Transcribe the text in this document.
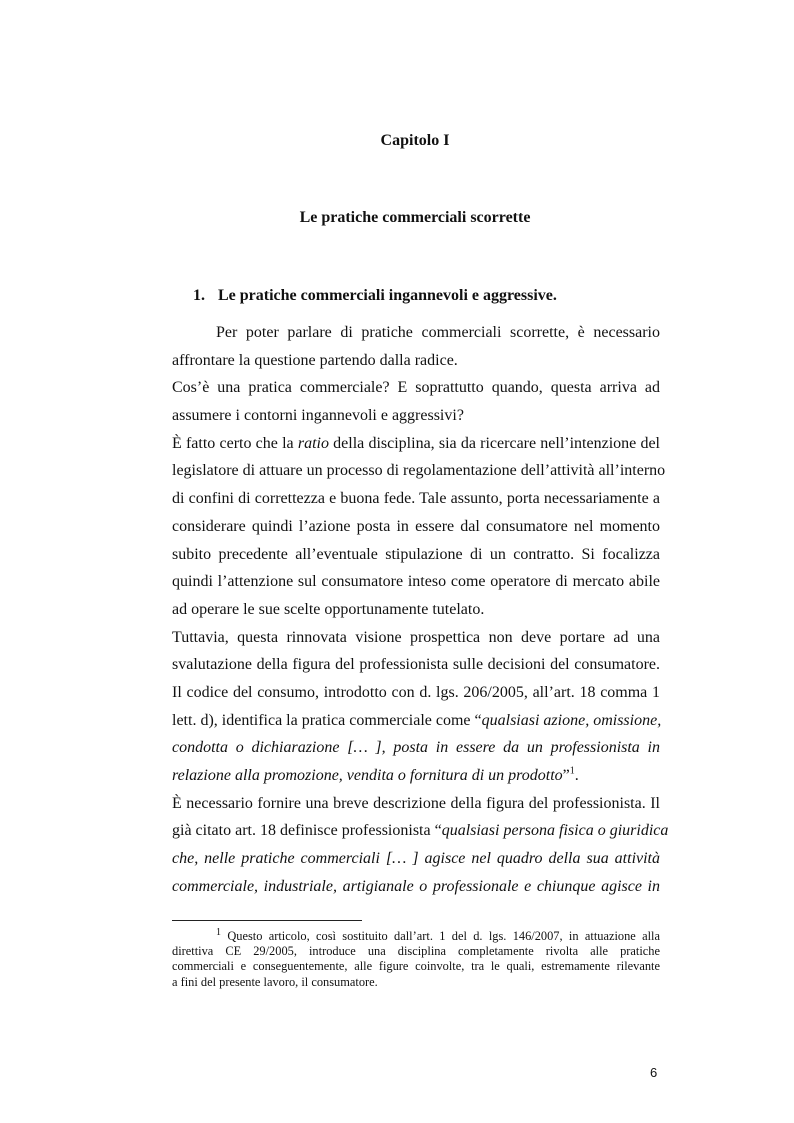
Capitolo I
Le pratiche commerciali scorrette
1. Le pratiche commerciali ingannevoli e aggressive.
Per poter parlare di pratiche commerciali scorrette, è necessario
affrontare la questione partendo dalla radice.
Cos’è una pratica commerciale? E soprattutto quando, questa arriva ad
assumere i contorni ingannevoli e aggressivi?
È fatto certo che la ratio della disciplina, sia da ricercare nell’intenzione del
legislatore di attuare un processo di regolamentazione dell’attività all’interno
di confini di correttezza e buona fede. Tale assunto, porta necessariamente a
considerare quindi l’azione posta in essere dal consumatore nel momento
subito precedente all’eventuale stipulazione di un contratto. Si focalizza
quindi l’attenzione sul consumatore inteso come operatore di mercato abile
ad operare le sue scelte opportunamente tutelato.
Tuttavia, questa rinnovata visione prospettica non deve portare ad una
svalutazione della figura del professionista sulle decisioni del consumatore.
Il codice del consumo, introdotto con d. lgs. 206/2005, all’art. 18 comma 1
lett. d), identifica la pratica commerciale come “qualsiasi azione, omissione,
condotta o dichiarazione [… ], posta in essere da un professionista in
relazione alla promozione, vendita o fornitura di un prodotto”$^1$.
È necessario fornire una breve descrizione della figura del professionista. Il
già citato art. 18 definisce professionista “qualsiasi persona fisica o giuridica
che, nelle pratiche commerciali [… ] agisce nel quadro della sua attività
commerciale, industriale, artigianale o professionale e chiunque agisce in
$^1$ Questo articolo, così sostituito dall’art. 1 del d. lgs. 146/2007, in attuazione alla
direttiva CE 29/2005, introduce una disciplina completamente rivolta alle pratiche
commerciali e conseguentemente, alle figure coinvolte, tra le quali, estremamente rilevante
a fini del presente lavoro, il consumatore.
6
